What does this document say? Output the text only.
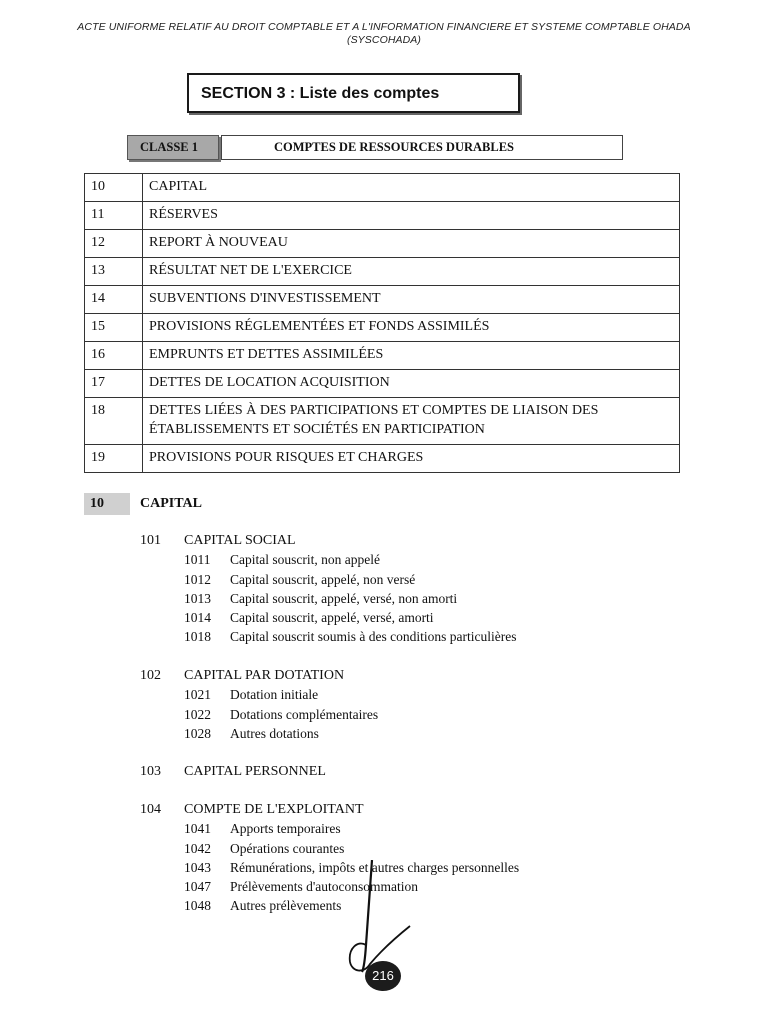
ACTE UNIFORME RELATIF AU DROIT COMPTABLE ET A L'INFORMATION FINANCIERE ET SYSTEME COMPTABLE OHADA
(SYSCOHADA)
SECTION 3 : Liste des comptes
CLASSE 1	COMPTES DE RESSOURCES DURABLES
10	CAPITAL
11	RÉSERVES
12	REPORT À NOUVEAU
13	RÉSULTAT NET DE L'EXERCICE
14	SUBVENTIONS D'INVESTISSEMENT
15	PROVISIONS RÉGLEMENTÉES ET FONDS ASSIMILÉS
16	EMPRUNTS ET DETTES ASSIMILÉES
17	DETTES DE LOCATION ACQUISITION
18	DETTES LIÉES À DES PARTICIPATIONS ET COMPTES DE LIAISON DES
ÉTABLISSEMENTS ET SOCIÉTÉS EN PARTICIPATION

19	PROVISIONS POUR RISQUES ET CHARGES
10	CAPITAL
101 CAPITAL SOCIAL
1011 Capital souscrit, non appelé
1012 Capital souscrit, appelé, non versé
1013 Capital souscrit, appelé, versé, non amorti
1014 Capital souscrit, appelé, versé, amorti
1018 Capital souscrit soumis à des conditions particulières
102 CAPITAL PAR DOTATION
1021 Dotation initiale
1022 Dotations complémentaires
1028 Autres dotations
103 CAPITAL PERSONNEL
104 COMPTE DE L'EXPLOITANT
1041 Apports temporaires
1042 Opérations courantes
1043 Rémunérations, impôts et autres charges personnelles
1047 Prélèvements d'autoconsommation
1048 Autres prélèvements
216
